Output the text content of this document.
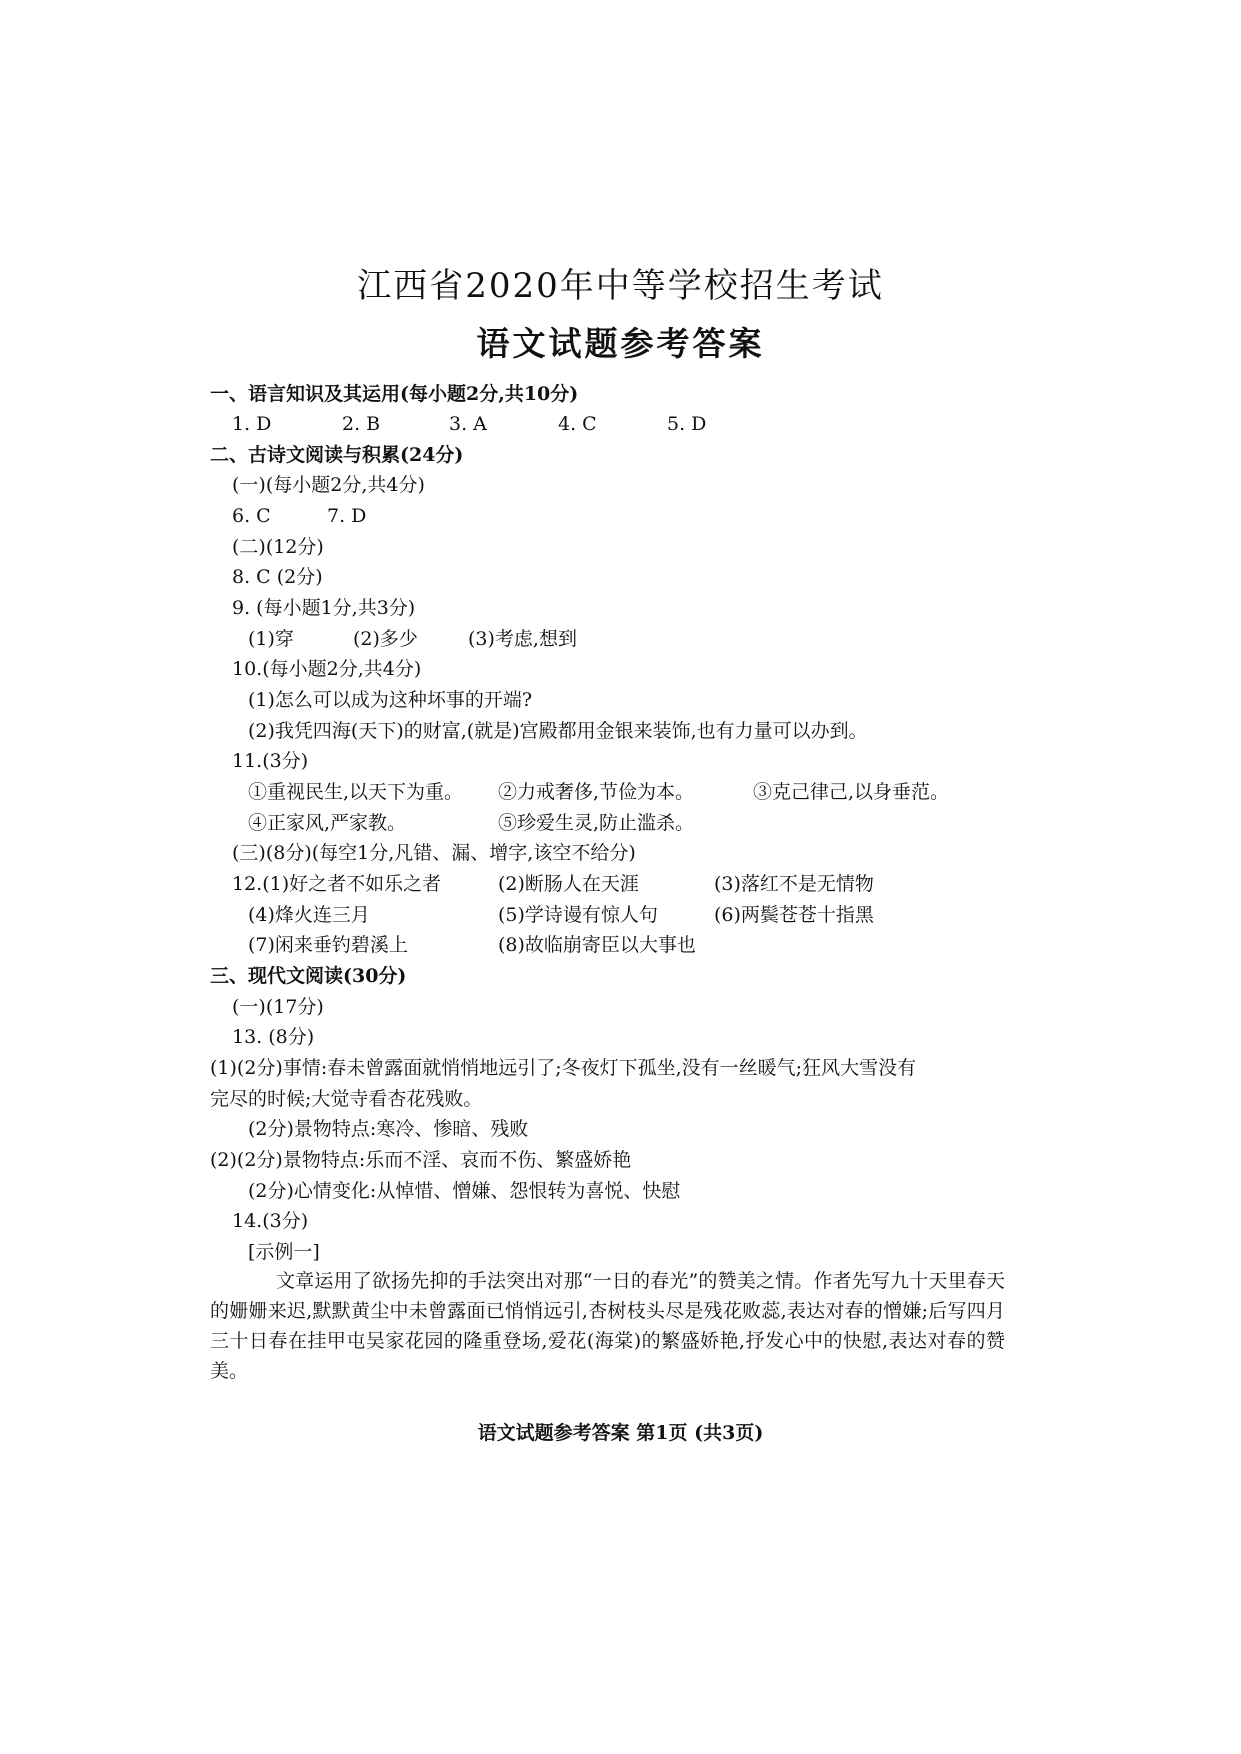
江西省2020年中等学校招生考试
语文试题参考答案
一、语言知识及其运用(每小题2分,共10分)
1. D	2. B	3. A	4. C	5. D
二、古诗文阅读与积累(24分)
(一)(每小题2分,共4分)
6. C	7. D
(二)(12分)
8. C (2分)
9. (每小题1分,共3分)
(1)穿	(2)多少	(3)考虑,想到
10.(每小题2分,共4分)
(1)怎么可以成为这种坏事的开端?
(2)我凭四海(天下)的财富,(就是)宫殿都用金银来装饰,也有力量可以办到。
11.(3分)
①重视民生,以天下为重。 ②力戒奢侈,节俭为本。	③克己律己,以身垂范。
④正家风,严家教。	⑤珍爱生灵,防止滥杀。
(三)(8分)(每空1分,凡错、漏、增字,该空不给分)
12.(1)好之者不如乐之者	(2)断肠人在天涯	(3)落红不是无情物
(4)烽火连三月	(5)学诗谩有惊人句	(6)两鬓苍苍十指黑
(7)闲来垂钓碧溪上	(8)故临崩寄臣以大事也
三、现代文阅读(30分)
(一)(17分)
13. (8分)
(1)(2分)事情:春未曾露面就悄悄地远引了;冬夜灯下孤坐,没有一丝暖气;狂风大雪没有
完尽的时候;大觉寺看杏花残败。
(2分)景物特点:寒冷、惨暗、残败
(2)(2分)景物特点:乐而不淫、哀而不伤、繁盛娇艳
(2分)心情变化:从悼惜、憎嫌、怨恨转为喜悦、快慰
14.(3分)
[示例一]
文章运用了欲扬先抑的手法突出对那“一日的春光”的赞美之情。作者先写九十天里春天的姗姗来迟,默默黄尘中未曾露面已悄悄远引,杏树枝头尽是残花败蕊,表达对春的憎嫌;后写四月三十日春在挂甲屯吴家花园的隆重登场,爱花(海棠)的繁盛娇艳,抒发心中的快慰,表达对春的赞美。
语文试题参考答案 第1页 (共3页)
